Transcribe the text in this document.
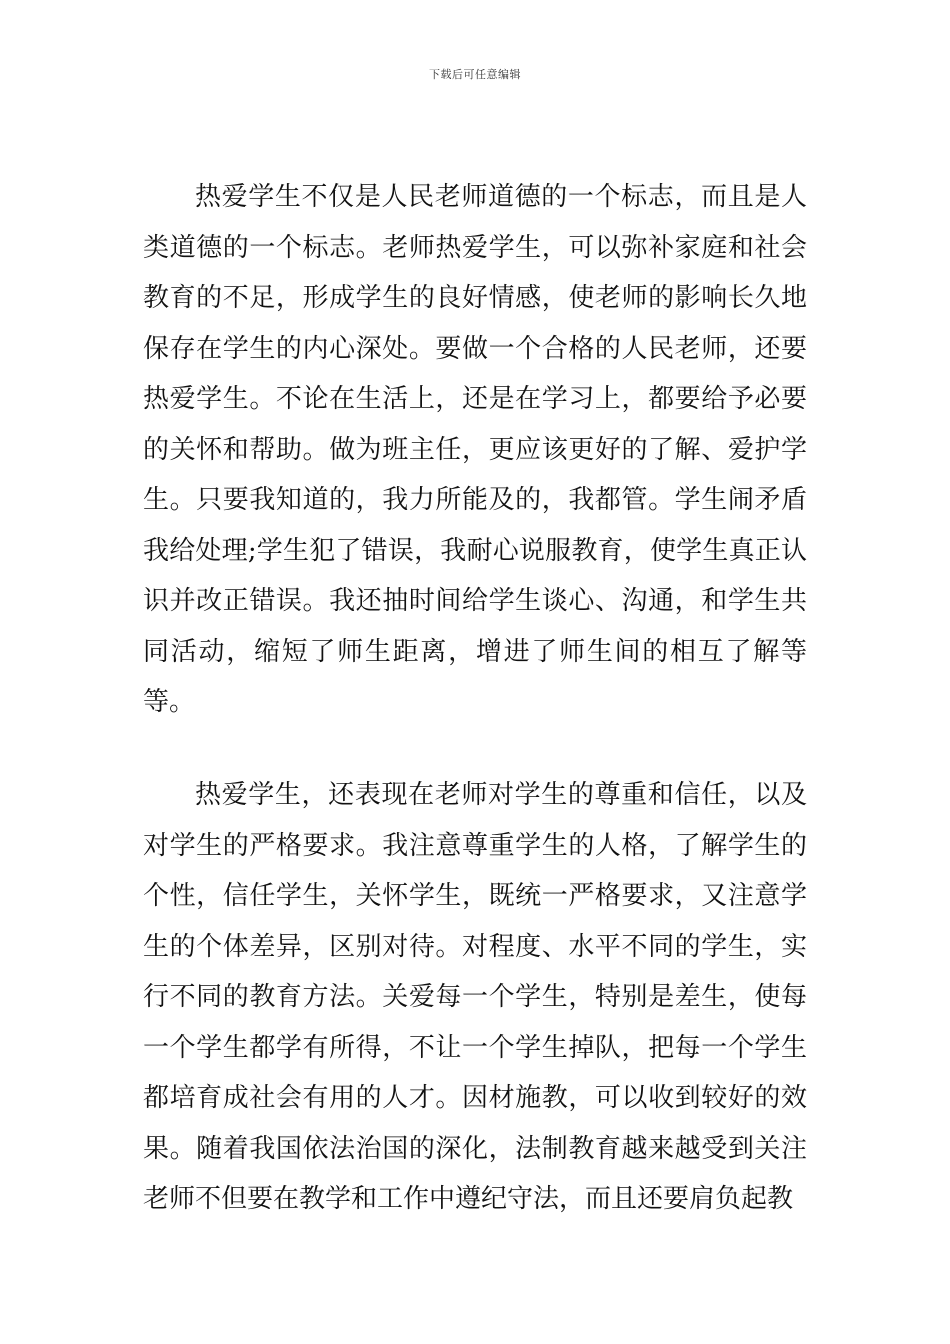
下载后可任意编辑

热爱学生不仅是人民老师道德的一个标志，而且是人类道德的一个标志。老师热爱学生，可以弥补家庭和社会教育的不足，形成学生的良好情感，使老师的影响长久地保存在学生的内心深处。要做一个合格的人民老师，还要热爱学生。不论在生活上，还是在学习上，都要给予必要的关怀和帮助。做为班主任，更应该更好的了解、爱护学生。只要我知道的，我力所能及的，我都管。学生闹矛盾我给处理;学生犯了错误，我耐心说服教育，使学生真正认识并改正错误。我还抽时间给学生谈心、沟通，和学生共同活动，缩短了师生距离，增进了师生间的相互了解等等。

热爱学生，还表现在老师对学生的尊重和信任，以及对学生的严格要求。我注意尊重学生的人格，了解学生的个性，信任学生，关怀学生，既统一严格要求，又注意学生的个体差异，区别对待。对程度、水平不同的学生，实行不同的教育方法。关爱每一个学生，特别是差生，使每一个学生都学有所得，不让一个学生掉队，把每一个学生都培育成社会有用的人才。因材施教，可以收到较好的效果。随着我国依法治国的深化，法制教育越来越受到关注老师不但要在教学和工作中遵纪守法，而且还要肩负起教
